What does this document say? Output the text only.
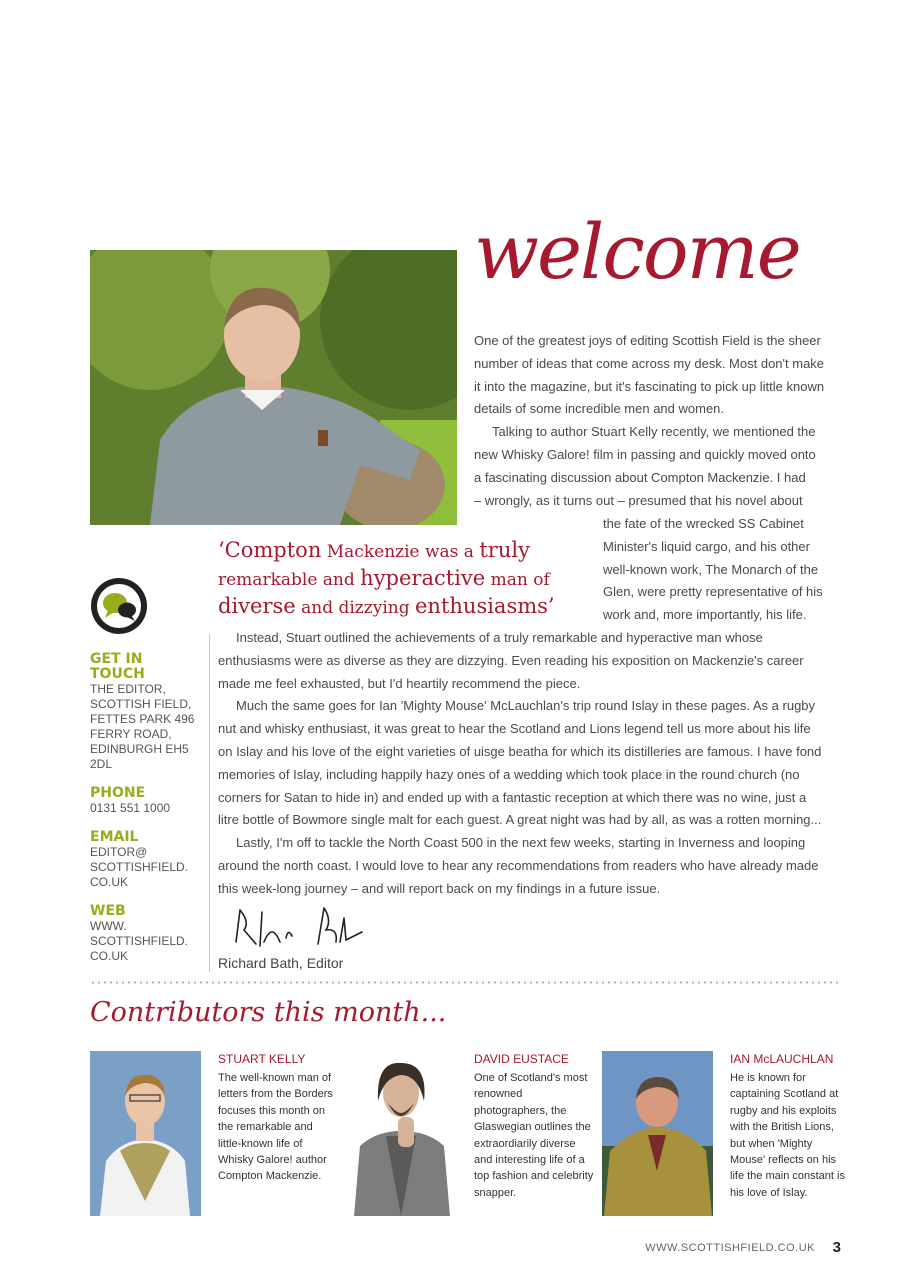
welcome

One of the greatest joys of editing Scottish Field is the sheer

number of ideas that come across my desk. Most don't make

it into the magazine, but it's fascinating to pick up little known

details of some incredible men and women.

Talking to author Stuart Kelly recently, we mentioned the

new Whisky Galore! film in passing and quickly moved onto

a fascinating discussion about Compton Mackenzie. I had

– wrongly, as it turns out – presumed that his novel about

the fate of the wrecked SS Cabinet

Minister's liquid cargo, and his other

well-known work, The Monarch of the

Glen, were pretty representative of his

work and, more importantly, his life.

‘Compton Mackenzie was a truly
remarkable and hyperactive man of
diverse and dizzying enthusiasms’
GET IN TOUCH
THE EDITOR, SCOTTISH FIELD, FETTES PARK 496 FERRY ROAD, EDINBURGH EH5 2DL
PHONE
0131 551 1000
EMAIL
EDITOR@ SCOTTISHFIELD. CO.UK
WEB
WWW. SCOTTISHFIELD. CO.UK

Instead, Stuart outlined the achievements of a truly remarkable and hyperactive man whose

enthusiasms were as diverse as they are dizzying. Even reading his exposition on Mackenzie's career

made me feel exhausted, but I'd heartily recommend the piece.

Much the same goes for Ian 'Mighty Mouse' McLauchlan's trip round Islay in these pages. As a rugby

nut and whisky enthusiast, it was great to hear the Scotland and Lions legend tell us more about his life

on Islay and his love of the eight varieties of uisge beatha for which its distilleries are famous. I have fond

memories of Islay, including happily hazy ones of a wedding which took place in the round church (no

corners for Satan to hide in) and ended up with a fantastic reception at which there was no wine, just a

litre bottle of Bowmore single malt for each guest. A great night was had by all, as was a rotten morning...

Lastly, I'm off to tackle the North Coast 500 in the next few weeks, starting in Inverness and looping

around the north coast. I would love to hear any recommendations from readers who have already made

this week-long journey – and will report back on my findings in a future issue.

Richard Bath, Editor
Contributors this month...
STUART KELLY
The well-known man of letters from the Borders focuses this month on the remarkable and little-known life of Whisky Galore! author Compton Mackenzie.
DAVID EUSTACE
One of Scotland's most renowned photographers, the Glaswegian outlines the extraordiarily diverse and interesting life of a top fashion and celebrity snapper.
IAN McLAUCHLAN
He is known for captaining Scotland at rugby and his exploits with the British Lions, but when 'Mighty Mouse' reflects on his life the main constant is his love of Islay.
WWW.SCOTTISHFIELD.CO.UK 3
